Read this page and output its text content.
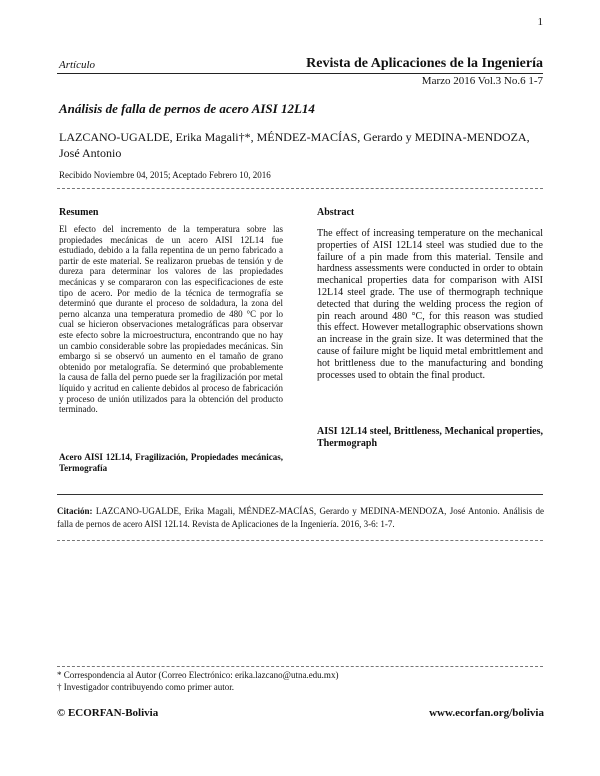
1
Artículo	Revista de Aplicaciones de la Ingeniería
Marzo 2016 Vol.3 No.6 1-7
Análisis de falla de pernos de acero AISI 12L14
LAZCANO-UGALDE, Erika Magali†*, MÉNDEZ-MACÍAS, Gerardo y MEDINA-MENDOZA, José Antonio
Recibido Noviembre 04, 2015; Aceptado Febrero 10, 2016
Resumen	Abstract
El efecto del incremento de la temperatura sobre las propiedades mecánicas de un acero AISI 12L14 fue estudiado, debido a la falla repentina de un perno fabricado a partir de este material. Se realizaron pruebas de tensión y de dureza para determinar los valores de las propiedades mecánicas y se compararon con las especificaciones de este tipo de acero. Por medio de la técnica de termografía se determinó que durante el proceso de soldadura, la zona del perno alcanza una temperatura promedio de 480 °C por lo cual se hicieron observaciones metalográficas para observar este efecto sobre la microestructura, encontrando que no hay un cambio considerable sobre las propiedades mecánicas. Sin embargo si se observó un aumento en el tamaño de grano obtenido por metalografía. Se determinó que probablemente la causa de falla del perno puede ser la fragilización por metal líquido y acritud en caliente debidos al proceso de fabricación y proceso de unión utilizados para la obtención del producto terminado.
Acero AISI 12L14, Fragilización, Propiedades mecánicas, Termografía
The effect of increasing temperature on the mechanical properties of AISI 12L14 steel was studied due to the failure of a pin made from this material. Tensile and hardness assessments were conducted in order to obtain mechanical properties data for comparison with AISI 12L14 steel grade. The use of thermograph technique detected that during the welding process the region of pin reach around 480 °C, for this reason was studied this effect. However metallographic observations shown an increase in the grain size. It was determined that the cause of failure might be liquid metal embrittlement and hot brittleness due to the manufacturing and bonding processes used to obtain the final product.
AISI 12L14 steel, Brittleness, Mechanical properties, Thermograph
Citación: LAZCANO-UGALDE, Erika Magali, MÉNDEZ-MACÍAS, Gerardo y MEDINA-MENDOZA, José Antonio. Análisis de falla de pernos de acero AISI 12L14. Revista de Aplicaciones de la Ingeniería. 2016, 3-6: 1-7.
* Correspondencia al Autor (Correo Electrónico: erika.lazcano@utna.edu.mx)
† Investigador contribuyendo como primer autor.
© ECORFAN-Bolivia	www.ecorfan.org/bolivia
